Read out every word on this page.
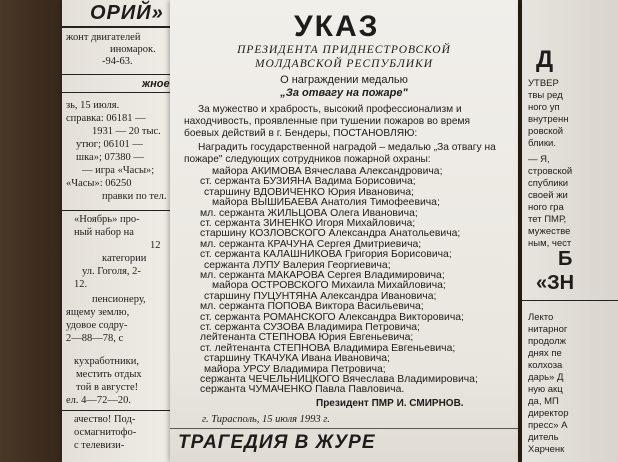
ОРИЙ»
жонт двигателей
иномарок.
-94-63.
жное
зь, 15 июля.
справка: 06181 —
1931 — 20 тыс.
утюг; 06101 —
шка»; 07380 —
— игра «Часы»;
«Часы»: 06250
правки по тел.
«Ноябрь» про-
ный набор на
12
категории
ул. Гоголя, 2-
12.
пенсионеру,
ящему землю,
удовое содру-
2—88—78, с
кухработники,
местить отдых
той в августе!
ел. 4—72—20.
ачество! Под-
осмагнитофо-
с телевизи-
УКАЗ
ПРЕЗИДЕНТА ПРИДНЕСТРОВСКОЙ
МОЛДАВСКОЙ РЕСПУБЛИКИ
О награждении медалью
„За отвагу на пожаре"
За мужество и храбрость, высокий профессионализм и находчивость, проявленные при тушении пожаров во время боевых действий в г. Бендеры, ПОСТАНОВЛЯЮ:
Наградить государственной наградой – медалью „За отвагу на пожаре" следующих сотрудников пожарной охраны:
майора АКИМОВА Вячеслава Александровича;
ст. сержанта БУЗИЯНА Вадима Борисовича;
старшину ВДОВИЧЕНКО Юрия Ивановича;
майора ВЫШИБАЕВА Анатолия Тимофеевича;
мл. сержанта ЖИЛЬЦОВА Олега Ивановича;
ст. сержанта ЗИНЕНКО Игоря Михайловича;
старшину КОЗЛОВСКОГО Александра Анатольевича;
мл. сержанта КРАЧУНА Сергея Дмитриевича;
ст. сержанта КАЛАШНИКОВА Григория Борисовича;
сержанта ЛУПУ Валерия Георгиевича;
мл. сержанта МАКАРОВА Сергея Владимировича;
майора ОСТРОВСКОГО Михаила Михайловича;
старшину ПУЦУНТЯНА Александра Ивановича;
мл. сержанта ПОПОВА Виктора Васильевича;
ст. сержанта РОМАНСКОГО Александра Викторовича;
ст. сержанта СУЗОВА Владимира Петровича;
лейтенанта СТЕПНОВА Юрия Евгеньевича;
ст. лейтенанта СТЕПНОВА Владимира Евгеньевича;
старшину ТКАЧУКА Ивана Ивановича;
майора УРСУ Владимира Петровича;
сержанта ЧЕЧЕЛЬНИЦКОГО Вячеслава Владимировича;
сержанта ЧУМАЧЕНКО Павла Павловича.
Президент ПМР И. СМИРНОВ.
г. Тирасполь, 15 июля 1993 г.
ТРАГЕДИЯ В ЖУРЕ
Д
УТВЕР
твы ред
ного уп
внутренн
ровской
блики.
— Я,
стровской
спублики
своей жи
ного гра
тет ПМР,
мужестве
ным, чест
Б
«ЗН
Лекто
нитарног
продолж
днях пе
колхоза
дарь» Д
ную акц
да, МП
директор
пресс» А
дитель
Харченк
